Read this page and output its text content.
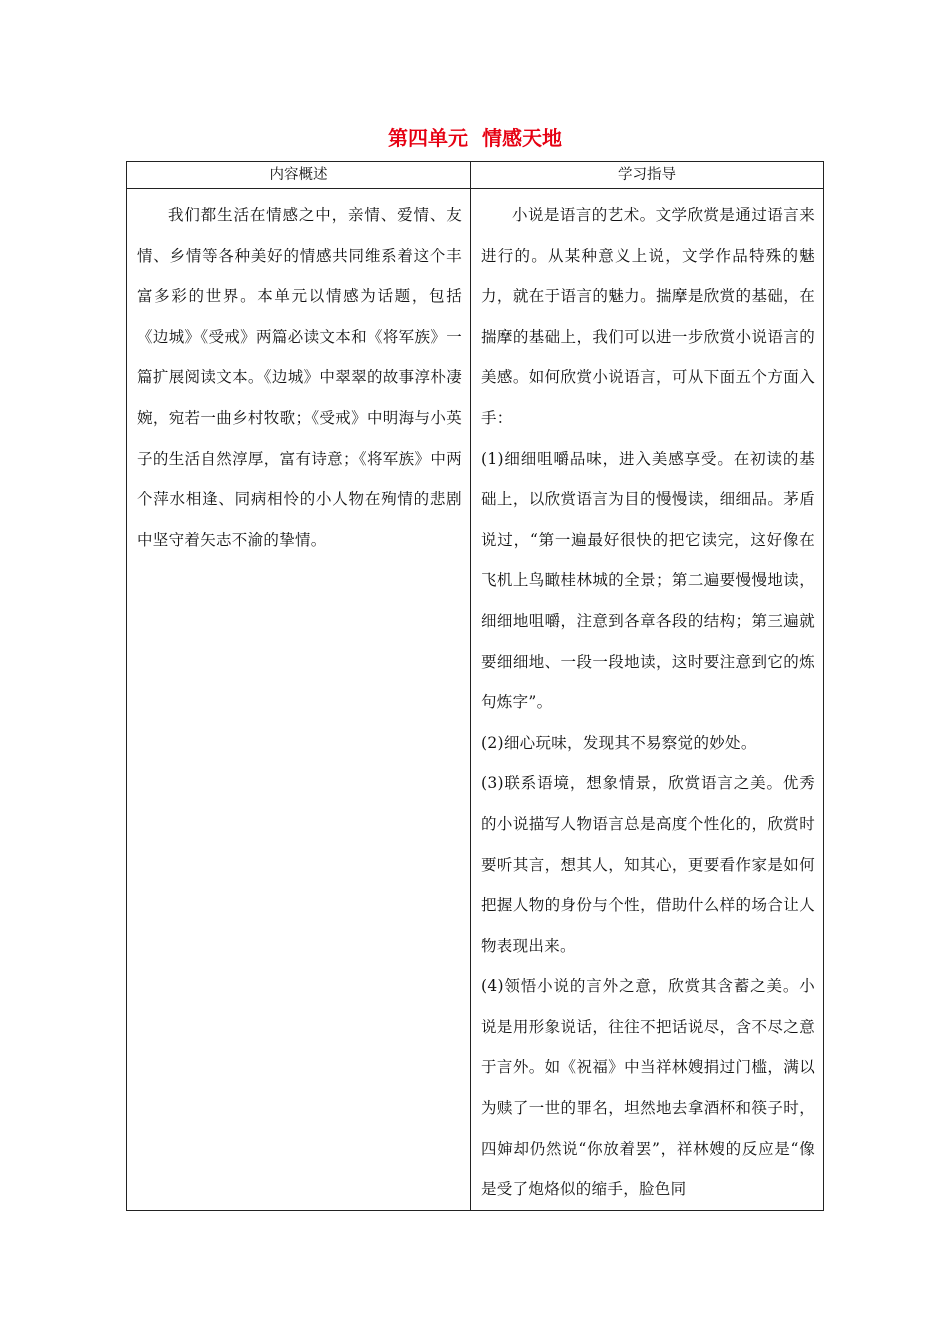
第四单元  情感天地
内容概述	学习指导

我们都生活在情感之中，亲情、爱情、友情、乡情等各种美好的情感共同维系着这个丰富多彩的世界。本单元以情感为话题，包括《边城》《受戒》两篇必读文本和《将军族》一篇扩展阅读文本。《边城》中翠翠的故事淳朴凄婉，宛若一曲乡村牧歌；《受戒》中明海与小英子的生活自然淳厚，富有诗意；《将军族》中两个萍水相逢、同病相怜的小人物在殉情的悲剧中坚守着矢志不渝的挚情。	小说是语言的艺术。文学欣赏是通过语言来进行的。从某种意义上说，文学作品特殊的魅力，就在于语言的魅力。揣摩是欣赏的基础，在揣摩的基础上，我们可以进一步欣赏小说语言的美感。如何欣赏小说语言，可从下面五个方面入手：

(1)细细咀嚼品味，进入美感享受。在初读的基础上，以欣赏语言为目的慢慢读，细细品。茅盾说过，“第一遍最好很快的把它读完，这好像在飞机上鸟瞰桂林城的全景；第二遍要慢慢地读，细细地咀嚼，注意到各章各段的结构；第三遍就要细细地、一段一段地读，这时要注意到它的炼句炼字”。

(2)细心玩味，发现其不易察觉的妙处。

(3)联系语境，想象情景，欣赏语言之美。优秀的小说描写人物语言总是高度个性化的，欣赏时要听其言，想其人，知其心，更要看作家是如何把握人物的身份与个性，借助什么样的场合让人物表现出来。

(4)领悟小说的言外之意，欣赏其含蓄之美。小说是用形象说话，往往不把话说尽，含不尽之意于言外。如《祝福》中当祥林嫂捐过门槛，满以为赎了一世的罪名，坦然地去拿酒杯和筷子时，四婶却仍然说“你放着罢”，祥林嫂的反应是“像是受了炮烙似的缩手，脸色同
